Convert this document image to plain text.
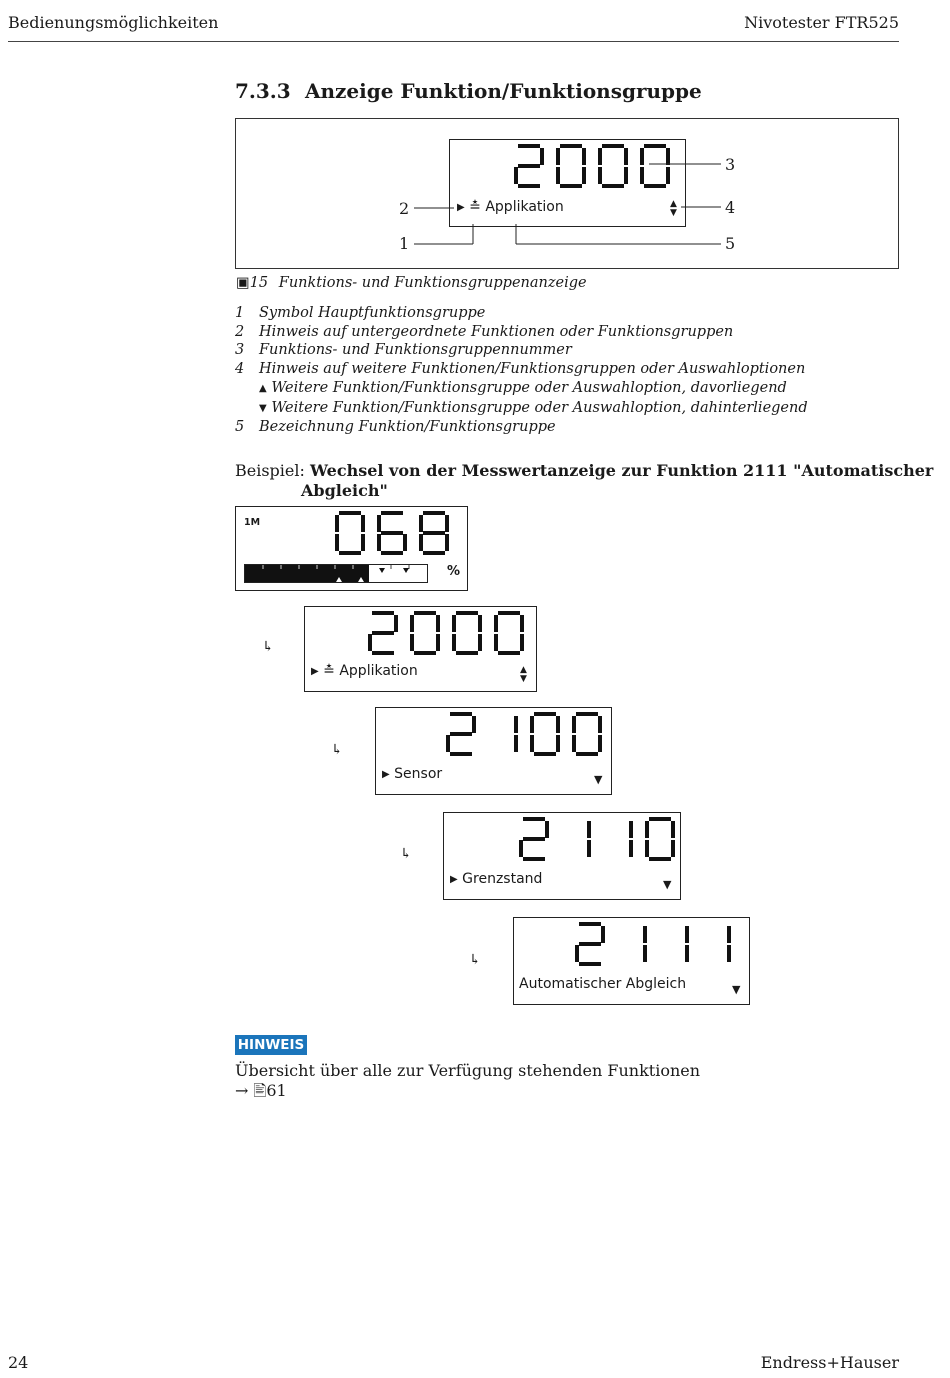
Bedienungsmöglichkeiten	Nivotester FTR525
7.3.3 Anzeige Funktion/Funktionsgruppe
▶ ≛ Applikation	▲
▼
2
1
3
4
5
▣15 Funktions- und Funktionsgruppenanzeige
1	Symbol Hauptfunktionsgruppe
2	Hinweis auf untergeordnete Funktionen oder Funktionsgruppen
3	Funktions- und Funktionsgruppennummer
4	Hinweis auf weitere Funktionen/Funktionsgruppen oder Auswahloptionen
▲ Weitere Funktion/Funktionsgruppe oder Auswahloption, davorliegend
▼ Weitere Funktion/Funktionsgruppe oder Auswahloption, dahinterliegend
5	Bezeichnung Funktion/Funktionsgruppe
Beispiel: Wechsel von der Messwertanzeige zur Funktion 2111 "Automatischer
Abgleich"
1M
%
↳
▶ ≛ Applikation	▲
▼
↳
▶ Sensor	▼
↳
▶ Grenzstand	▼
↳
Automatischer Abgleich	▼
HINWEIS
Übersicht über alle zur Verfügung stehenden Funktionen
→ 🖹61
24	Endress+Hauser
